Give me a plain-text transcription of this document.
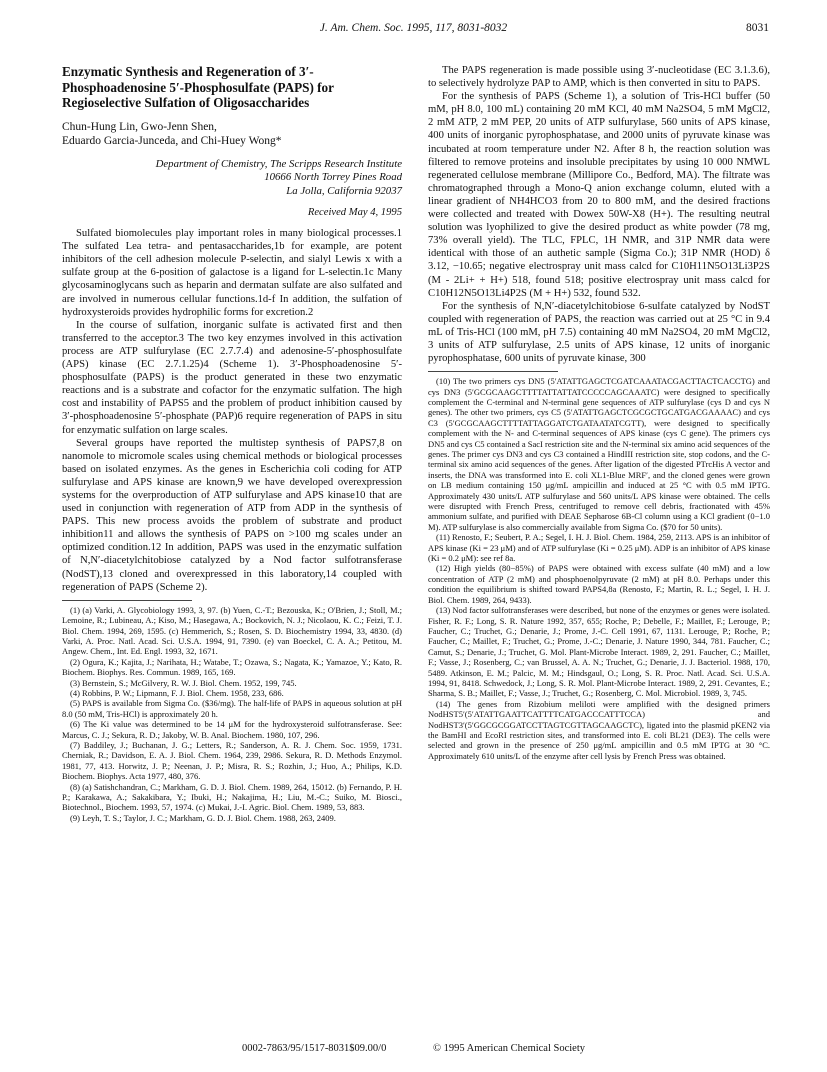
J. Am. Chem. Soc. 1995, 117, 8031-8032	8031
Enzymatic Synthesis and Regeneration of 3′-Phosphoadenosine 5′-Phosphosulfate (PAPS) for Regioselective Sulfation of Oligosaccharides
Chun-Hung Lin, Gwo-Jenn Shen,
Eduardo Garcia-Junceda, and Chi-Huey Wong*
Department of Chemistry, The Scripps Research Institute
10666 North Torrey Pines Road
La Jolla, California 92037
Received May 4, 1995

Sulfated biomolecules play important roles in many biological processes.1 The sulfated Lea tetra- and pentasaccharides,1b for example, are potent inhibitors of the cell adhesion molecule P-selectin, and sialyl Lewis x with a sulfate group at the 6-position of galactose is a ligand for L-selectin.1c Many glycosaminoglycans such as heparin and dermatan sulfate are also sulfated and are involved in numerous cellular functions.1d-f In addition, the sulfation of hydroxysteroids provides hydrophilic forms for excretion.2

In the course of sulfation, inorganic sulfate is activated first and then transferred to the acceptor.3 The two key enzymes involved in this activation process are ATP sulfurylase (EC 2.7.7.4) and adenosine-5′-phosphosulfate (APS) kinase (EC 2.7.1.25)4 (Scheme 1). 3′-Phosphoadenosine 5′-phosphosulfate (PAPS) is the product generated in these two enzymatic reactions and is a substrate and cofactor for the enzymatic sulfation. The high cost and instability of PAPS5 and the problem of product inhibition caused by 3′-phosphoadenosine 5′-phosphate (PAP)6 require regeneration of PAPS in situ for enzymatic sulfation on large scales.

Several groups have reported the multistep synthesis of PAPS7,8 on nanomole to micromole scales using chemical methods or biological processes based on isolated enzymes. As the genes in Escherichia coli coding for ATP sulfurylase and APS kinase are known,9 we have developed overexpression systems for the overproduction of ATP sulfurylase and APS kinase10 that are used in conjunction with regeneration of ATP from ADP in the synthesis of PAPS. This new process avoids the problem of substrate and product inhibition11 and allows the synthesis of PAPS on >100 mg scales under an optimized condition.12 In addition, PAPS was used in the enzymatic sulfation of N,N′-diacetylchitobiose catalyzed by a Nod factor sulfotransferase (NodST),13 cloned and overexpressed in this laboratory,14 coupled with regeneration of PAPS (Scheme 2).

(1) (a) Varki, A. Glycobiology 1993, 3, 97. (b) Yuen, C.-T.; Bezouska, K.; O'Brien, J.; Stoll, M.; Lemoine, R.; Lubineau, A.; Kiso, M.; Hasegawa, A.; Bockovich, N. J.; Nicolaou, K. C.; Feizi, T. J. Biol. Chem. 1994, 269, 1595. (c) Hemmerich, S.; Rosen, S. D. Biochemistry 1994, 33, 4830. (d) Varki, A. Proc. Natl. Acad. Sci. U.S.A. 1994, 91, 7390. (e) van Boeckel, C. A. A.; Petitou, M. Angew. Chem., Int. Ed. Engl. 1993, 32, 1671.
(2) Ogura, K.; Kajita, J.; Narihata, H.; Watabe, T.; Ozawa, S.; Nagata, K.; Yamazoe, Y.; Kato, R. Biochem. Biophys. Res. Commun. 1989, 165, 169.
(3) Bernstein, S.; McGilvery, R. W. J. Biol. Chem. 1952, 199, 745.
(4) Robbins, P. W.; Lipmann, F. J. Biol. Chem. 1958, 233, 686.
(5) PAPS is available from Sigma Co. ($36/mg). The half-life of PAPS in aqueous solution at pH 8.0 (50 mM, Tris-HCl) is approximately 20 h.
(6) The Ki value was determined to be 14 μM for the hydroxysteroid sulfotransferase. See: Marcus, C. J.; Sekura, R. D.; Jakoby, W. B. Anal. Biochem. 1980, 107, 296.
(7) Baddiley, J.; Buchanan, J. G.; Letters, R.; Sanderson, A. R. J. Chem. Soc. 1959, 1731. Cherniak, R.; Davidson, E. A. J. Biol. Chem. 1964, 239, 2986. Sekura, R. D. Methods Enzymol. 1981, 77, 413. Horwitz, J. P.; Neenan, J. P.; Misra, R. S.; Rozhin, J.; Huo, A.; Philips, K.D. Biochem. Biophys. Acta 1977, 480, 376.
(8) (a) Satishchandran, C.; Markham, G. D. J. Biol. Chem. 1989, 264, 15012. (b) Fernando, P. H. P.; Karakawa, A.; Sakakibara, Y.; Ibuki, H.; Nakajima, H.; Liu, M.-C.; Suiko, M. Biosci., Biotechnol., Biochem. 1993, 57, 1974. (c) Mukai, J.-I. Agric. Biol. Chem. 1989, 53, 883.
(9) Leyh, T. S.; Taylor, J. C.; Markham, G. D. J. Biol. Chem. 1988, 263, 2409.

The PAPS regeneration is made possible using 3′-nucleotidase (EC 3.1.3.6), to selectively hydrolyze PAP to AMP, which is then converted in situ to PAPS.

For the synthesis of PAPS (Scheme 1), a solution of Tris-HCl buffer (50 mM, pH 8.0, 100 mL) containing 20 mM KCl, 40 mM Na2SO4, 5 mM MgCl2, 2 mM ATP, 2 mM PEP, 20 units of ATP sulfurylase, 560 units of APS kinase, 400 units of inorganic pyrophosphatase, and 2000 units of pyruvate kinase was incubated at room temperature under N2. After 8 h, the reaction solution was filtered to remove proteins and insoluble precipitates by using 10 000 NMWL regenerated cellulose membrane (Millipore Co., Bedford, MA). The filtrate was chromatographed through a Mono-Q anion exchange column, eluted with a linear gradient of NH4HCO3 from 20 to 800 mM, and the desired fractions were collected and treated with Dowex 50W-X8 (H+). The resulting neutral solution was lyophilized to give the desired product as white powder (78 mg, 73% overall yield). The TLC, FPLC, 1H NMR, and 31P NMR data were identical with those of an authetic sample (Sigma Co.); 31P NMR (HOD) δ 3.12, −10.65; negative electrospray unit mass calcd for C10H11N5O13Li3P2S (M - 2Li+ + H+) 518, found 518; positive electrospray unit mass calcd for C10H12N5O13Li4P2S (M + H+) 532, found 532.

For the synthesis of N,N′-diacetylchitobiose 6-sulfate catalyzed by NodST coupled with regeneration of PAPS, the reaction was carried out at 25 °C in 9.4 mL of Tris-HCl (100 mM, pH 7.5) containing 40 mM Na2SO4, 20 mM MgCl2, 3 units of ATP sulfurylase, 2.5 units of APS kinase, 12 units of inorganic pyrophosphatase, 600 units of pyruvate kinase, 300

(10) The two primers cys DN5 (5′ATATTGAGCTCGATCAAATACGACTTACTCACCTG) and cys DN3 (5′GCGCAAGCTTTTATTATTATCCCCCAGCAAATC) were designed to specifically complement the C-terminal and N-terminal gene sequences of ATP sulfurylase (cys D and cys N genes). The other two primers, cys C5 (5′ATATTGAGCTCGCGCTGCATGACGAAAAC) and cys C3 (5′GCGCAAGCTTTTATTAGGATCTGATAATATCGTT), were designed to specifically complement with the N- and C-terminal sequences of APS kinase (cys C gene). The primers cys DN5 and cys C5 contained a SacI restriction site and the N-terminal six amino acid sequences of the genes. The primer cys DN3 and cys C3 contained a HindIII restriction site, stop codons, and the C-terminal six amino acid sequences of the genes. After ligation of the digested PTrcHis A vector and inserts, the DNA was transformed into E. coli XL1-Blue MRF′, and the cloned genes were grown on LB medium containing 150 μg/mL ampicillin and induced at 25 °C with 0.5 mM IPTG. Approximately 430 units/L ATP sulfurylase and 560 units/L APS kinase were obtained. The cells were disrupted with French Press, centrifuged to remove cell debris, fractionated with 45% ammonium sulfate, and purified with DEAE Sepharose 6B-Cl column using a KCl gradient (0−1.0 M). ATP sulfurylase is also commercially available from Sigma Co. ($70 for 50 units).
(11) Renosto, F.; Seubert, P. A.; Segel, I. H. J. Biol. Chem. 1984, 259, 2113. APS is an inhibitor of APS kinase (Ki = 23 μM) and of ATP sulfurylase (Ki = 0.25 μM). ADP is an inhibitor of APS kinase (Ki = 0.2 μM): see ref 8a.
(12) High yields (80−85%) of PAPS were obtained with excess sulfate (40 mM) and a low concentration of ATP (2 mM) and phosphoenolpyruvate (2 mM) at pH 8.0. Perhaps under this condition the equilibrium is shifted toward PAPS4,8a (Renosto, F.; Martin, R. L.; Segel, I. H. J. Biol. Chem. 1989, 264, 9433).
(13) Nod factor sulfotransferases were described, but none of the enzymes or genes were isolated. Fisher, R. F.; Long, S. R. Nature 1992, 357, 655; Roche, P.; Debelle, F.; Maillet, F.; Lerouge, P.; Faucher, C.; Truchet, G.; Denarie, J.; Prome, J.-C. Cell 1991, 67, 1131. Lerouge, P.; Roche, P.; Faucher, C.; Maillet, F.; Truchet, G.; Prome, J.-C.; Denarie, J. Nature 1990, 344, 781. Faucher, C.; Camut, S.; Denarie, J.; Truchet, G. Mol. Plant-Microbe Interact. 1989, 2, 291. Faucher, C.; Maillet, F.; Vasse, J.; Rosenberg, C.; van Brussel, A. A. N.; Truchet, G.; Denarie, J. J. Bacteriol. 1988, 170, 5489. Atkinson, E. M.; Palcic, M. M.; Hindsgaul, O.; Long, S. R. Proc. Natl. Acad. Sci. U.S.A. 1994, 91, 8418. Schwedock, J.; Long, S. R. Mol. Plant-Microbe Interact. 1989, 2, 291. Cevantes, E.; Sharma, S. B.; Maillet, F.; Vasse, J.; Truchet, G.; Rosenberg, C. Mol. Microbiol. 1989, 3, 745.
(14) The genes from Rizobium meliloti were amplified with the designed primers NodHST5′(5′ATATTGAATTCATTTTCATGACCCATTTCCA) and NodHST3′(5′GGCGCGGATCCTTAGTCGTTAGCAAGCTC), ligated into the plasmid pKEN2 via the BamHI and EcoRI restriction sites, and transformed into E. coli BL21 (DE3). The cells were selected and grown in the presence of 250 μg/mL ampicillin and 0.5 mM IPTG at 30 °C. Approximately 610 units/L of the enzyme after cell lysis by French Press was obtained.
0002-7863/95/1517-8031$09.00/0	© 1995 American Chemical Society
